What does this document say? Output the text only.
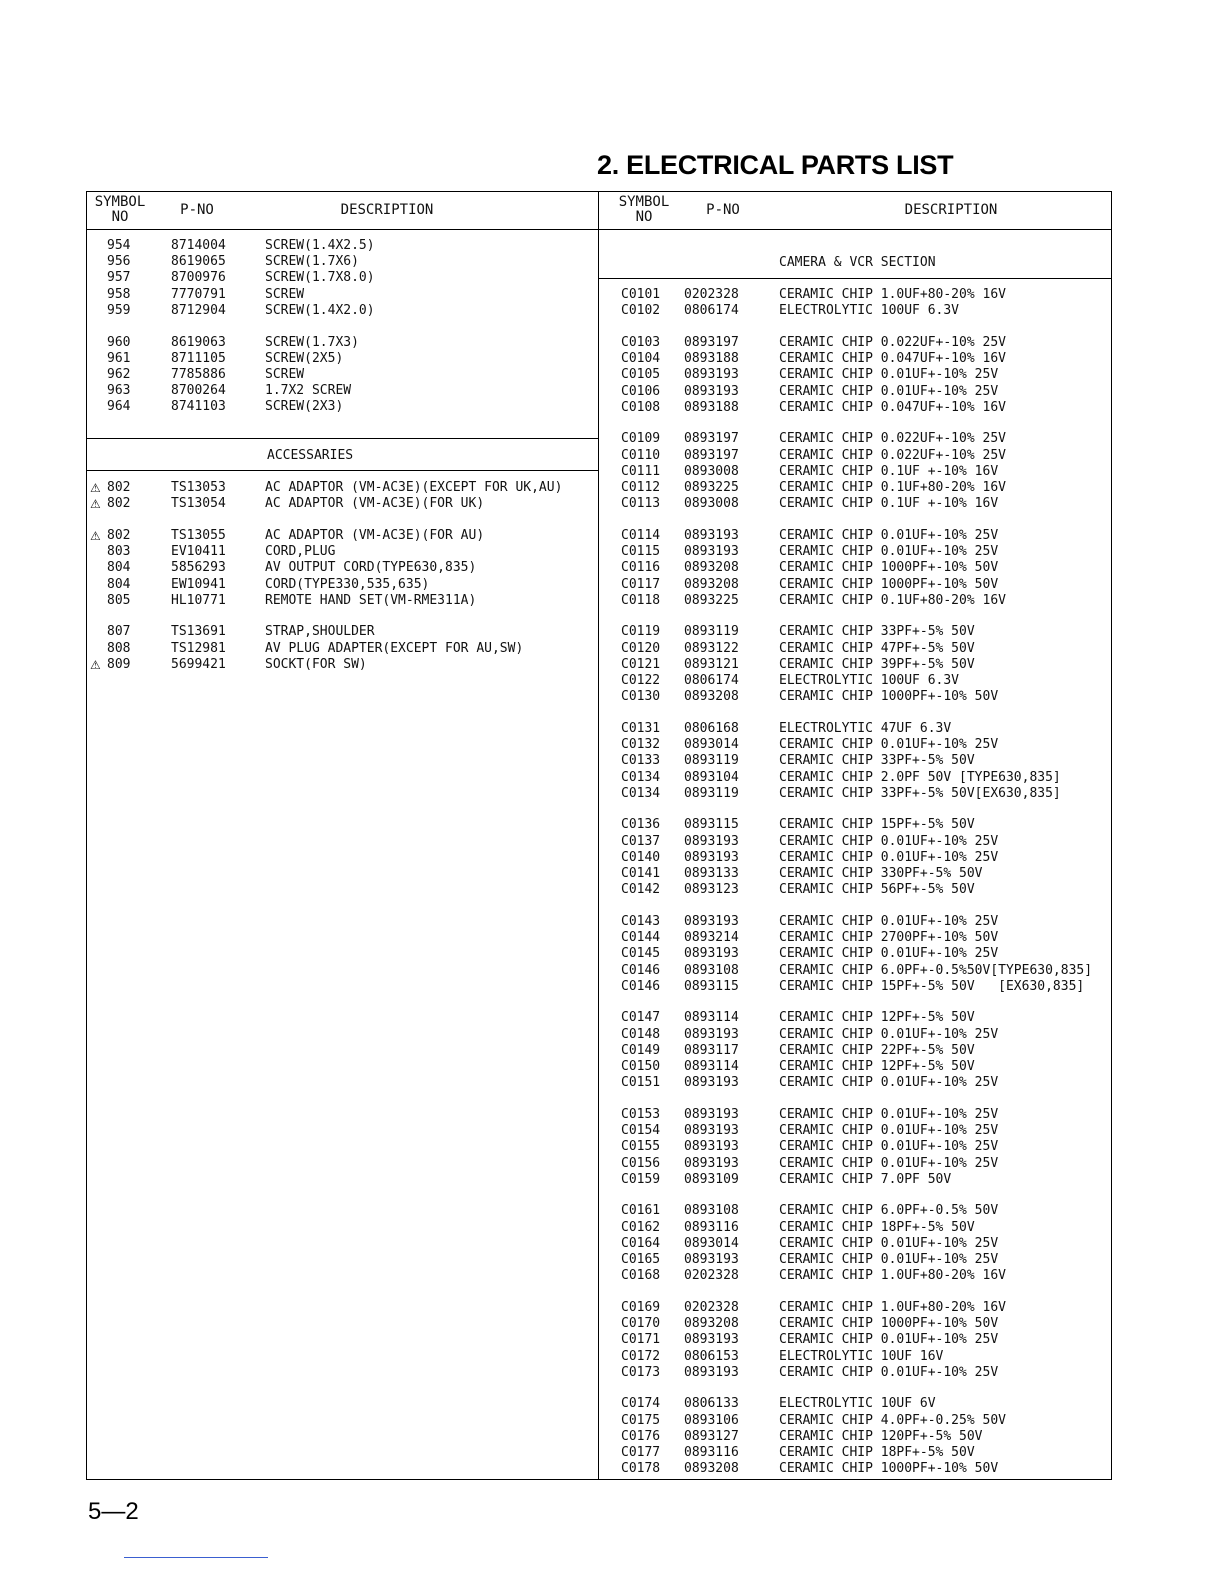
2. ELECTRICAL PARTS LIST
SYMBOL
NO	P-NO	DESCRIPTION	SYMBOL
NO	P-NO	DESCRIPTION
ACCESSARIES
CAMERA & VCR SECTION
954	8714004	SCREW(1.4X2.5)
956	8619065	SCREW(1.7X6)
957	8700976	SCREW(1.7X8.0)
958	7770791	SCREW
959	8712904	SCREW(1.4X2.0)
960	8619063	SCREW(1.7X3)
961	8711105	SCREW(2X5)
962	7785886	SCREW
963	8700264	1.7X2 SCREW
964	8741103	SCREW(2X3)
⚠ 802	TS13053	AC ADAPTOR (VM-AC3E)(EXCEPT FOR UK,AU)
⚠ 802	TS13054	AC ADAPTOR (VM-AC3E)(FOR UK)
⚠ 802	TS13055	AC ADAPTOR (VM-AC3E)(FOR AU)
803	EV10411	CORD,PLUG
804	5856293	AV OUTPUT CORD(TYPE630,835)
804	EW10941	CORD(TYPE330,535,635)
805	HL10771	REMOTE HAND SET(VM-RME311A)
807	TS13691	STRAP,SHOULDER
808	TS12981	AV PLUG ADAPTER(EXCEPT FOR AU,SW)
⚠ 809	5699421	SOCKT(FOR SW)
C0101 0202328	CERAMIC CHIP 1.0UF+80-20% 16V
C0102 0806174	ELECTROLYTIC 100UF 6.3V
C0103 0893197	CERAMIC CHIP 0.022UF+-10% 25V
C0104 0893188	CERAMIC CHIP 0.047UF+-10% 16V
C0105 0893193	CERAMIC CHIP 0.01UF+-10% 25V
C0106 0893193	CERAMIC CHIP 0.01UF+-10% 25V
C0108 0893188	CERAMIC CHIP 0.047UF+-10% 16V
C0109 0893197	CERAMIC CHIP 0.022UF+-10% 25V
C0110 0893197	CERAMIC CHIP 0.022UF+-10% 25V
C0111 0893008	CERAMIC CHIP 0.1UF +-10% 16V
C0112 0893225	CERAMIC CHIP 0.1UF+80-20% 16V
C0113 0893008	CERAMIC CHIP 0.1UF +-10% 16V
C0114 0893193	CERAMIC CHIP 0.01UF+-10% 25V
C0115 0893193	CERAMIC CHIP 0.01UF+-10% 25V
C0116 0893208	CERAMIC CHIP 1000PF+-10% 50V
C0117 0893208	CERAMIC CHIP 1000PF+-10% 50V
C0118 0893225	CERAMIC CHIP 0.1UF+80-20% 16V
C0119 0893119	CERAMIC CHIP 33PF+-5% 50V
C0120 0893122	CERAMIC CHIP 47PF+-5% 50V
C0121 0893121	CERAMIC CHIP 39PF+-5% 50V
C0122 0806174	ELECTROLYTIC 100UF 6.3V
C0130 0893208	CERAMIC CHIP 1000PF+-10% 50V
C0131 0806168	ELECTROLYTIC 47UF 6.3V
C0132 0893014	CERAMIC CHIP 0.01UF+-10% 25V
C0133 0893119	CERAMIC CHIP 33PF+-5% 50V
C0134 0893104	CERAMIC CHIP 2.0PF 50V [TYPE630,835]
C0134 0893119	CERAMIC CHIP 33PF+-5% 50V[EX630,835]
C0136 0893115	CERAMIC CHIP 15PF+-5% 50V
C0137 0893193	CERAMIC CHIP 0.01UF+-10% 25V
C0140 0893193	CERAMIC CHIP 0.01UF+-10% 25V
C0141 0893133	CERAMIC CHIP 330PF+-5% 50V
C0142 0893123	CERAMIC CHIP 56PF+-5% 50V
C0143 0893193	CERAMIC CHIP 0.01UF+-10% 25V
C0144 0893214	CERAMIC CHIP 2700PF+-10% 50V
C0145 0893193	CERAMIC CHIP 0.01UF+-10% 25V
C0146 0893108	CERAMIC CHIP 6.0PF+-0.5%50V[TYPE630,835]
C0146 0893115	CERAMIC CHIP 15PF+-5% 50V   [EX630,835]
C0147 0893114	CERAMIC CHIP 12PF+-5% 50V
C0148 0893193	CERAMIC CHIP 0.01UF+-10% 25V
C0149 0893117	CERAMIC CHIP 22PF+-5% 50V
C0150 0893114	CERAMIC CHIP 12PF+-5% 50V
C0151 0893193	CERAMIC CHIP 0.01UF+-10% 25V
C0153 0893193	CERAMIC CHIP 0.01UF+-10% 25V
C0154 0893193	CERAMIC CHIP 0.01UF+-10% 25V
C0155 0893193	CERAMIC CHIP 0.01UF+-10% 25V
C0156 0893193	CERAMIC CHIP 0.01UF+-10% 25V
C0159 0893109	CERAMIC CHIP 7.0PF 50V
C0161 0893108	CERAMIC CHIP 6.0PF+-0.5% 50V
C0162 0893116	CERAMIC CHIP 18PF+-5% 50V
C0164 0893014	CERAMIC CHIP 0.01UF+-10% 25V
C0165 0893193	CERAMIC CHIP 0.01UF+-10% 25V
C0168 0202328	CERAMIC CHIP 1.0UF+80-20% 16V
C0169 0202328	CERAMIC CHIP 1.0UF+80-20% 16V
C0170 0893208	CERAMIC CHIP 1000PF+-10% 50V
C0171 0893193	CERAMIC CHIP 0.01UF+-10% 25V
C0172 0806153	ELECTROLYTIC 10UF 16V
C0173 0893193	CERAMIC CHIP 0.01UF+-10% 25V
C0174 0806133	ELECTROLYTIC 10UF 6V
C0175 0893106	CERAMIC CHIP 4.0PF+-0.25% 50V
C0176 0893127	CERAMIC CHIP 120PF+-5% 50V
C0177 0893116	CERAMIC CHIP 18PF+-5% 50V
C0178 0893208	CERAMIC CHIP 1000PF+-10% 50V
5—2
